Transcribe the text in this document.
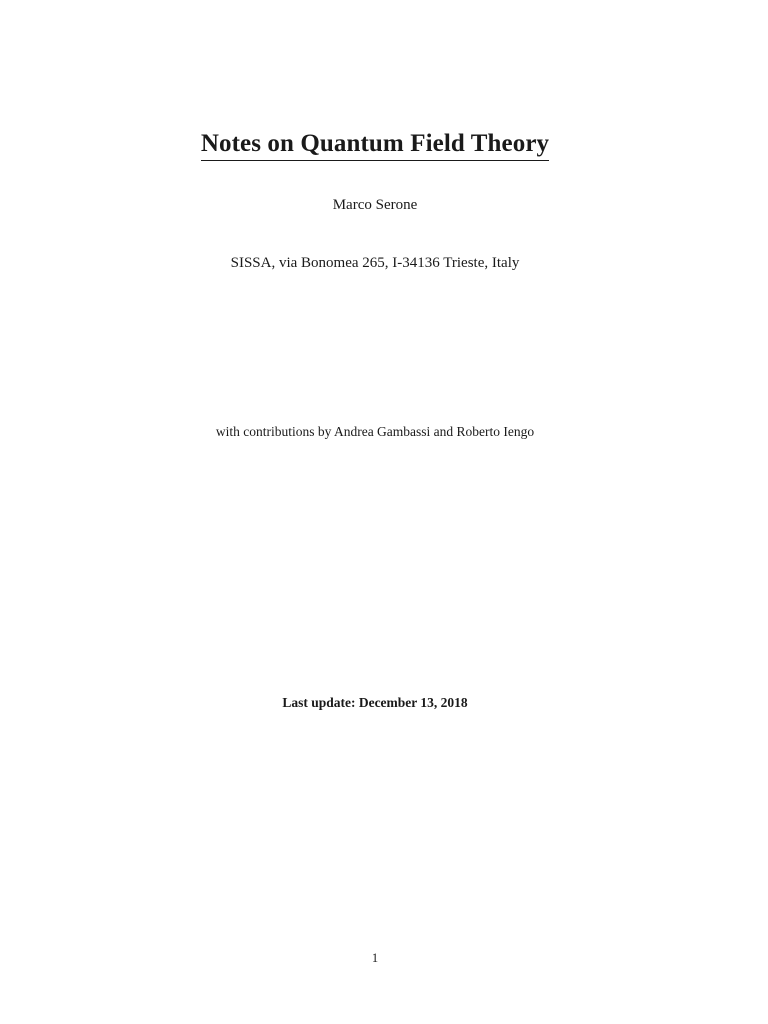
Notes on Quantum Field Theory
Marco Serone
SISSA, via Bonomea 265, I-34136 Trieste, Italy
with contributions by Andrea Gambassi and Roberto Iengo
Last update: December 13, 2018
1
